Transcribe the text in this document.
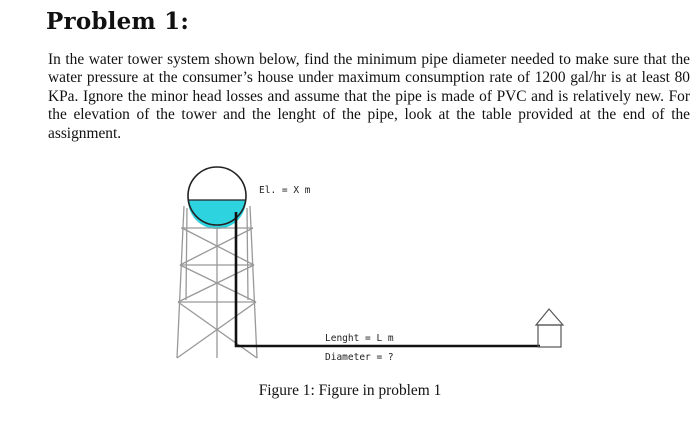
Problem 1:

In the water tower system shown below, find the minimum pipe diameter needed to make sure that the water pressure at the consumer’s house under maximum consumption rate of 1200 gal/hr is at least 80 KPa. Ignore the minor head losses and assume that the pipe is made of PVC and is relatively new. For the elevation of the tower and the lenght of the pipe, look at the table provided at the end of the assignment.

El. = X m
Lenght = L m
Diameter = ?

Figure 1: Figure in problem 1
